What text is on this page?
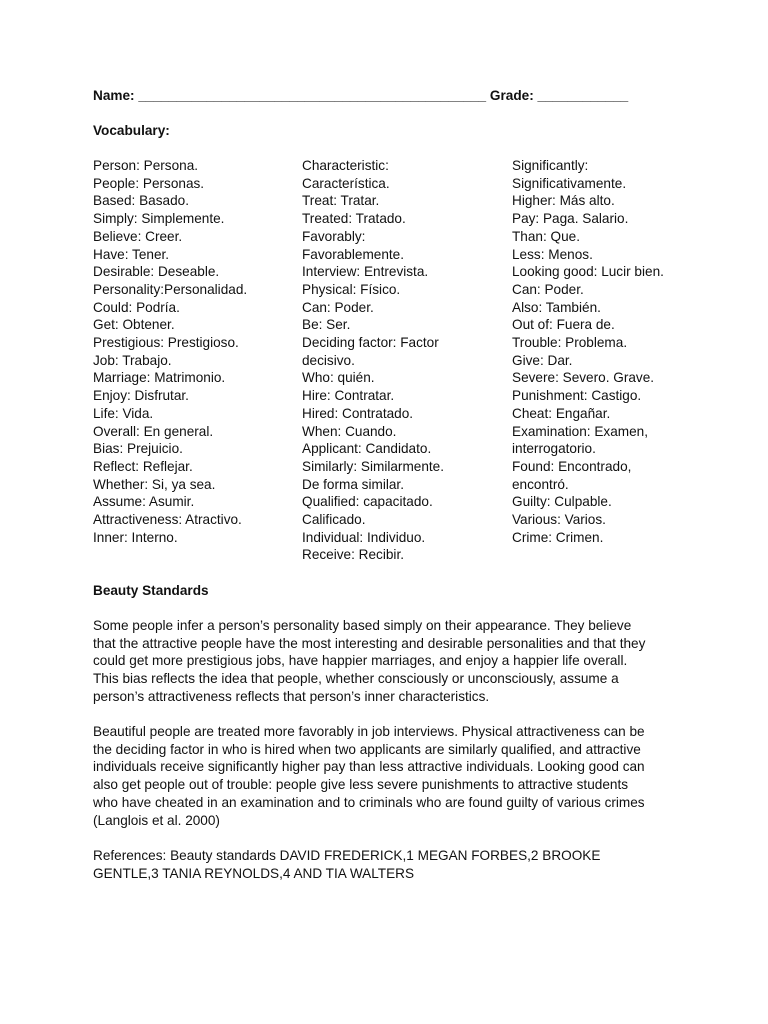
Name: ______________________________________________ Grade: ____________
Vocabulary:
Person: Persona.
People: Personas.
Based: Basado.
Simply: Simplemente.
Believe: Creer.
Have: Tener.
Desirable: Deseable.
Personality:Personalidad.
Could: Podría.
Get: Obtener.
Prestigious: Prestigioso.
Job: Trabajo.
Marriage: Matrimonio.
Enjoy: Disfrutar.
Life: Vida.
Overall: En general.
Bias: Prejuicio.
Reflect: Reflejar.
Whether: Si, ya sea.
Assume: Asumir.
Attractiveness: Atractivo.
Inner: Interno.
Characteristic:
Característica.
Treat: Tratar.
Treated: Tratado.
Favorably:
Favorablemente.
Interview: Entrevista.
Physical: Físico.
Can: Poder.
Be: Ser.
Deciding factor: Factor
decisivo.
Who: quién.
Hire: Contratar.
Hired: Contratado.
When: Cuando.
Applicant: Candidato.
Similarly: Similarmente.
De forma similar.
Qualified: capacitado.
Calificado.
Individual: Individuo.
Receive: Recibir.
Significantly:
Significativamente.
Higher: Más alto.
Pay: Paga. Salario.
Than: Que.
Less: Menos.
Looking good: Lucir bien.
Can: Poder.
Also: También.
Out of: Fuera de.
Trouble: Problema.
Give: Dar.
Severe: Severo. Grave.
Punishment: Castigo.
Cheat: Engañar.
Examination: Examen,
interrogatorio.
Found: Encontrado,
encontró.
Guilty: Culpable.
Various: Varios.
Crime: Crimen.
Beauty Standards
Some people infer a person’s personality based simply on their appearance. They believe
that the attractive people have the most interesting and desirable personalities and that they
could get more prestigious jobs, have happier marriages, and enjoy a happier life overall.
This bias reflects the idea that people, whether consciously or unconsciously, assume a
person’s attractiveness reflects that person’s inner characteristics.
Beautiful people are treated more favorably in job interviews. Physical attractiveness can be
the deciding factor in who is hired when two applicants are similarly qualified, and attractive
individuals receive significantly higher pay than less attractive individuals. Looking good can
also get people out of trouble: people give less severe punishments to attractive students
who have cheated in an examination and to criminals who are found guilty of various crimes
(Langlois et al. 2000)
References: Beauty standards DAVID FREDERICK,1 MEGAN FORBES,2 BROOKE
GENTLE,3 TANIA REYNOLDS,4 AND TIA WALTERS
